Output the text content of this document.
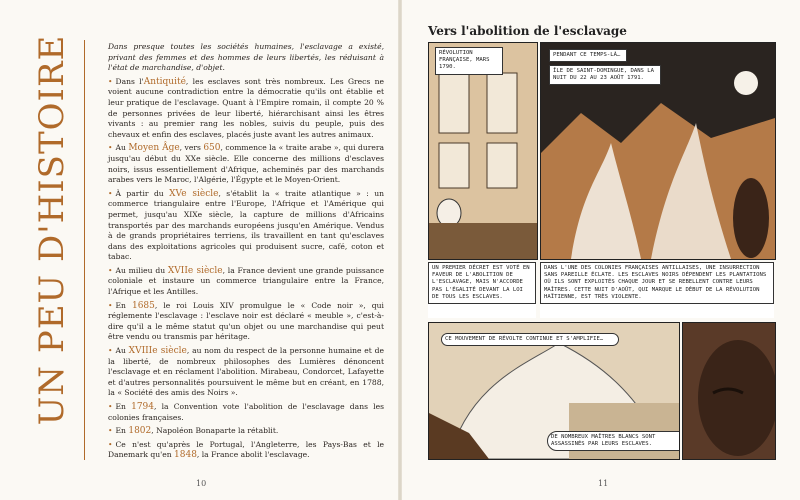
UN PEU D'HISTOIRE	Dans presque toutes les sociétés humaines, l'esclavage a existé, privant des femmes et des hommes de leurs libertés, les réduisant à l'état de marchandise, d'objet.

• Dans l'Antiquité, les esclaves sont très nombreux. Les Grecs ne voient aucune contradiction entre la démocratie qu'ils ont établie et leur pratique de l'esclavage. Quant à l'Empire romain, il compte 20 % de personnes privées de leur liberté, hiérarchisant ainsi les êtres vivants : au premier rang les nobles, suivis du peuple, puis des chevaux et enfin des esclaves, placés juste avant les autres animaux.

• Au Moyen Âge, vers 650, commence la « traite arabe », qui durera jusqu'au début du XXe siècle. Elle concerne des millions d'esclaves noirs, issus essentiellement d'Afrique, acheminés par des marchands arabes vers le Maroc, l'Algérie, l'Égypte et le Moyen-Orient.

• À partir du XVe siècle, s'établit la « traite atlantique » : un commerce triangulaire entre l'Europe, l'Afrique et l'Amérique qui permet, jusqu'au XIXe siècle, la capture de millions d'Africains transportés par des marchands européens jusqu'en Amérique. Vendus à de grands propriétaires terriens, ils travaillent en tant qu'esclaves dans des exploitations agricoles qui produisent sucre, café, coton et tabac.

• Au milieu du XVIIe siècle, la France devient une grande puissance coloniale et instaure un commerce triangulaire entre la France, l'Afrique et les Antilles.

• En 1685, le roi Louis XIV promulgue le « Code noir », qui réglemente l'esclavage : l'esclave noir est déclaré « meuble », c'est-à-dire qu'il a le même statut qu'un objet ou une marchandise qui peut être vendu ou transmis par héritage.

• Au XVIIIe siècle, au nom du respect de la personne humaine et de la liberté, de nombreux philosophes des Lumières dénoncent l'esclavage et en réclament l'abolition. Mirabeau, Condorcet, Lafayette et d'autres personnalités poursuivent le même but en créant, en 1788, la « Société des amis des Noirs ».

• En 1794, la Convention vote l'abolition de l'esclavage dans les colonies françaises.

• En 1802, Napoléon Bonaparte la rétablit.

• Ce n'est qu'après le Portugal, l'Angleterre, les Pays-Bas et le Danemark qu'en 1848, la France abolit l'esclavage.

10
Vers l'abolition de l'esclavage
RÉVOLUTION FRANÇAISE, MARS 1790.
PENDANT CE TEMPS-LÀ…
ÎLE DE SAINT-DOMINGUE, DANS LA NUIT DU 22 AU 23 AOÛT 1791.
UN PREMIER DÉCRET EST VOTÉ EN FAVEUR DE L'ABOLITION DE L'ESCLAVAGE, MAIS N'ACCORDE PAS L'ÉGALITÉ DEVANT LA LOI DE TOUS LES ESCLAVES.
DANS L'UNE DES COLONIES FRANÇAISES ANTILLAISES, UNE INSURRECTION SANS PAREILLE ÉCLATE. LES ESCLAVES NOIRS DÉPENDENT LES PLANTATIONS OÙ ILS SONT EXPLOITÉS CHAQUE JOUR ET SE REBELLENT CONTRE LEURS MAÎTRES. CETTE NUIT D'AOÛT, QUI MARQUE LE DÉBUT DE LA RÉVOLUTION HAÏTIENNE, EST TRÈS VIOLENTE.
CE MOUVEMENT DE RÉVOLTE CONTINUE ET S'AMPLIFIE…
DE NOMBREUX MAÎTRES BLANCS SONT ASSASSINÉS PAR LEURS ESCLAVES.
11
